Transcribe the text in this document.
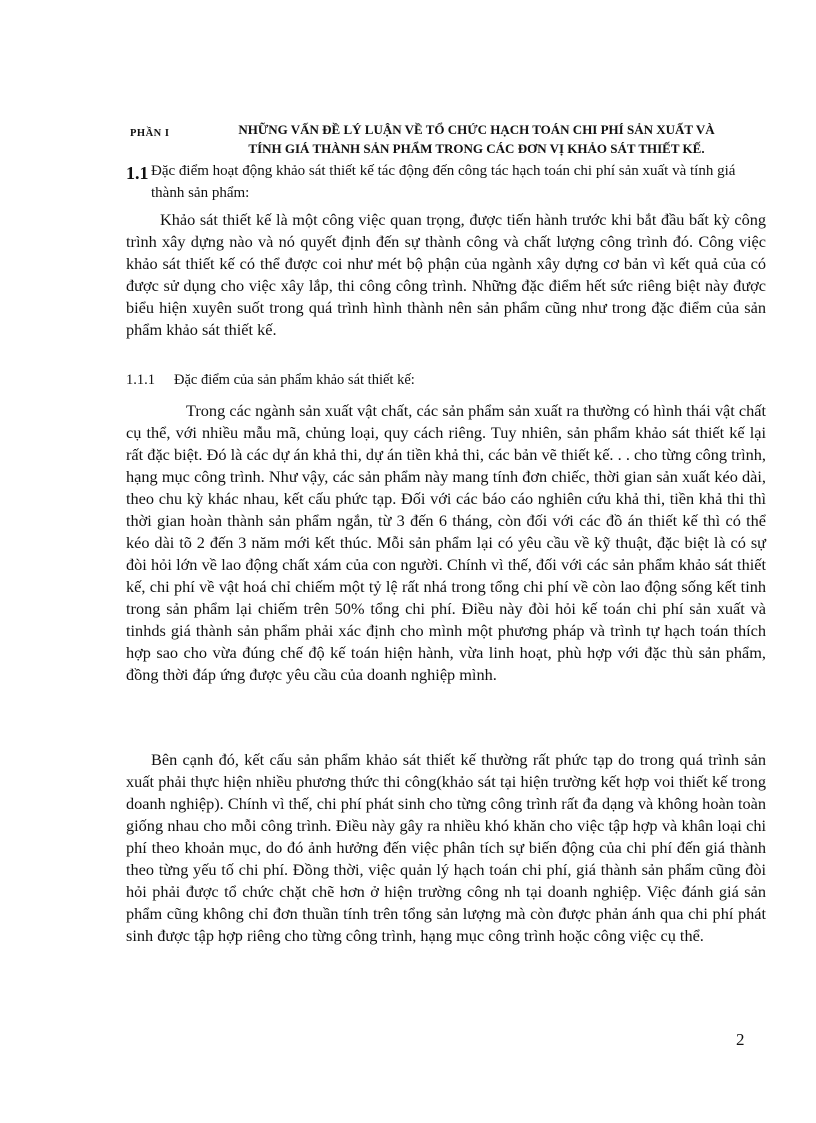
PHẦN I	NHỮNG VẤN ĐỀ LÝ LUẬN VỀ TỔ CHỨC HẠCH TOÁN CHI PHÍ SẢN XUẤT VÀ
TÍNH GIÁ THÀNH SẢN PHẨM TRONG CÁC ĐƠN VỊ KHẢO SÁT THIẾT KẾ.
1.1 Đặc điểm hoạt động khảo sát thiết kế tác động đến công tác hạch toán chi phí sản xuất và tính giá thành sản phẩm:

Khảo sát thiết kế là một công việc quan trọng, được tiến hành trước khi bắt đầu bất kỳ công trình xây dựng nào và nó quyết định đến sự thành công và chất lượng công trình đó. Công việc khảo sát thiết kế có thể được coi như mét bộ phận của ngành xây dựng cơ bản vì kết quả của có được sử dụng cho việc xây lắp, thi công công trình. Những đặc điểm hết sức riêng biệt này được biểu hiện xuyên suốt trong quá trình hình thành nên sản phẩm cũng như trong đặc điểm của sản phẩm khảo sát thiết kế.

1.1.1 Đặc điểm của sản phẩm khảo sát thiết kế:

Trong các ngành sản xuất vật chất, các sản phẩm sản xuất ra thường có hình thái vật chất cụ thể, với nhiều mẫu mã, chủng loại, quy cách riêng. Tuy nhiên, sản phẩm khảo sát thiết kế lại rất đặc biệt. Đó là các dự án khả thi, dự án tiền khả thi, các bản vẽ thiết kế. . . cho từng công trình, hạng mục công trình. Như vậy, các sản phẩm này mang tính đơn chiếc, thời gian sản xuất kéo dài, theo chu kỳ khác nhau, kết cấu phức tạp. Đối với các báo cáo nghiên cứu khả thi, tiền khả thi thì thời gian hoàn thành sản phẩm ngắn, từ 3 đến 6 tháng, còn đối với các đồ án thiết kế thì có thể kéo dài tõ 2 đến 3 năm mới kết thúc. Mỗi sản phẩm lại có yêu cầu về kỹ thuật, đặc biệt là có sự đòi hỏi lớn về lao động chất xám của con người. Chính vì thế, đối với các sản phẩm khảo sát thiết kế, chi phí về vật hoá chỉ chiếm một tỷ lệ rất nhá trong tổng chi phí về còn lao động sống kết tinh trong sản phẩm lại chiếm trên 50% tổng chi phí. Điều này đòi hỏi kế toán chi phí sản xuất và tinhds giá thành sản phẩm phải xác định cho mình một phương pháp và trình tự hạch toán thích hợp sao cho vừa đúng chế độ kế toán hiện hành, vừa linh hoạt, phù hợp với đặc thù sản phẩm, đồng thời đáp ứng được yêu cầu của doanh nghiệp mình.

Bên cạnh đó, kết cấu sản phẩm khảo sát thiết kế thường rất phức tạp do trong quá trình sản xuất phải thực hiện nhiều phương thức thi công(khảo sát tại hiện trường kết hợp voi thiết kế trong doanh nghiệp). Chính vì thế, chi phí phát sinh cho từng công trình rất đa dạng và không hoàn toàn giống nhau cho mỗi công trình. Điều này gây ra nhiều khó khăn cho việc tập hợp và khân loại chi phí theo khoản mục, do đó ảnh hưởng đến việc phân tích sự biến động của chi phí đến giá thành theo từng yếu tố chi phí. Đồng thời, việc quản lý hạch toán chi phí, giá thành sản phẩm cũng đòi hỏi phải được tổ chức chặt chẽ hơn ở hiện trường công nh tại doanh nghiệp. Việc đánh giá sản phẩm cũng không chỉ đơn thuần tính trên tổng sản lượng mà còn được phản ánh qua chi phí phát sinh được tập hợp riêng cho từng công trình, hạng mục công trình hoặc công việc cụ thể.

2
